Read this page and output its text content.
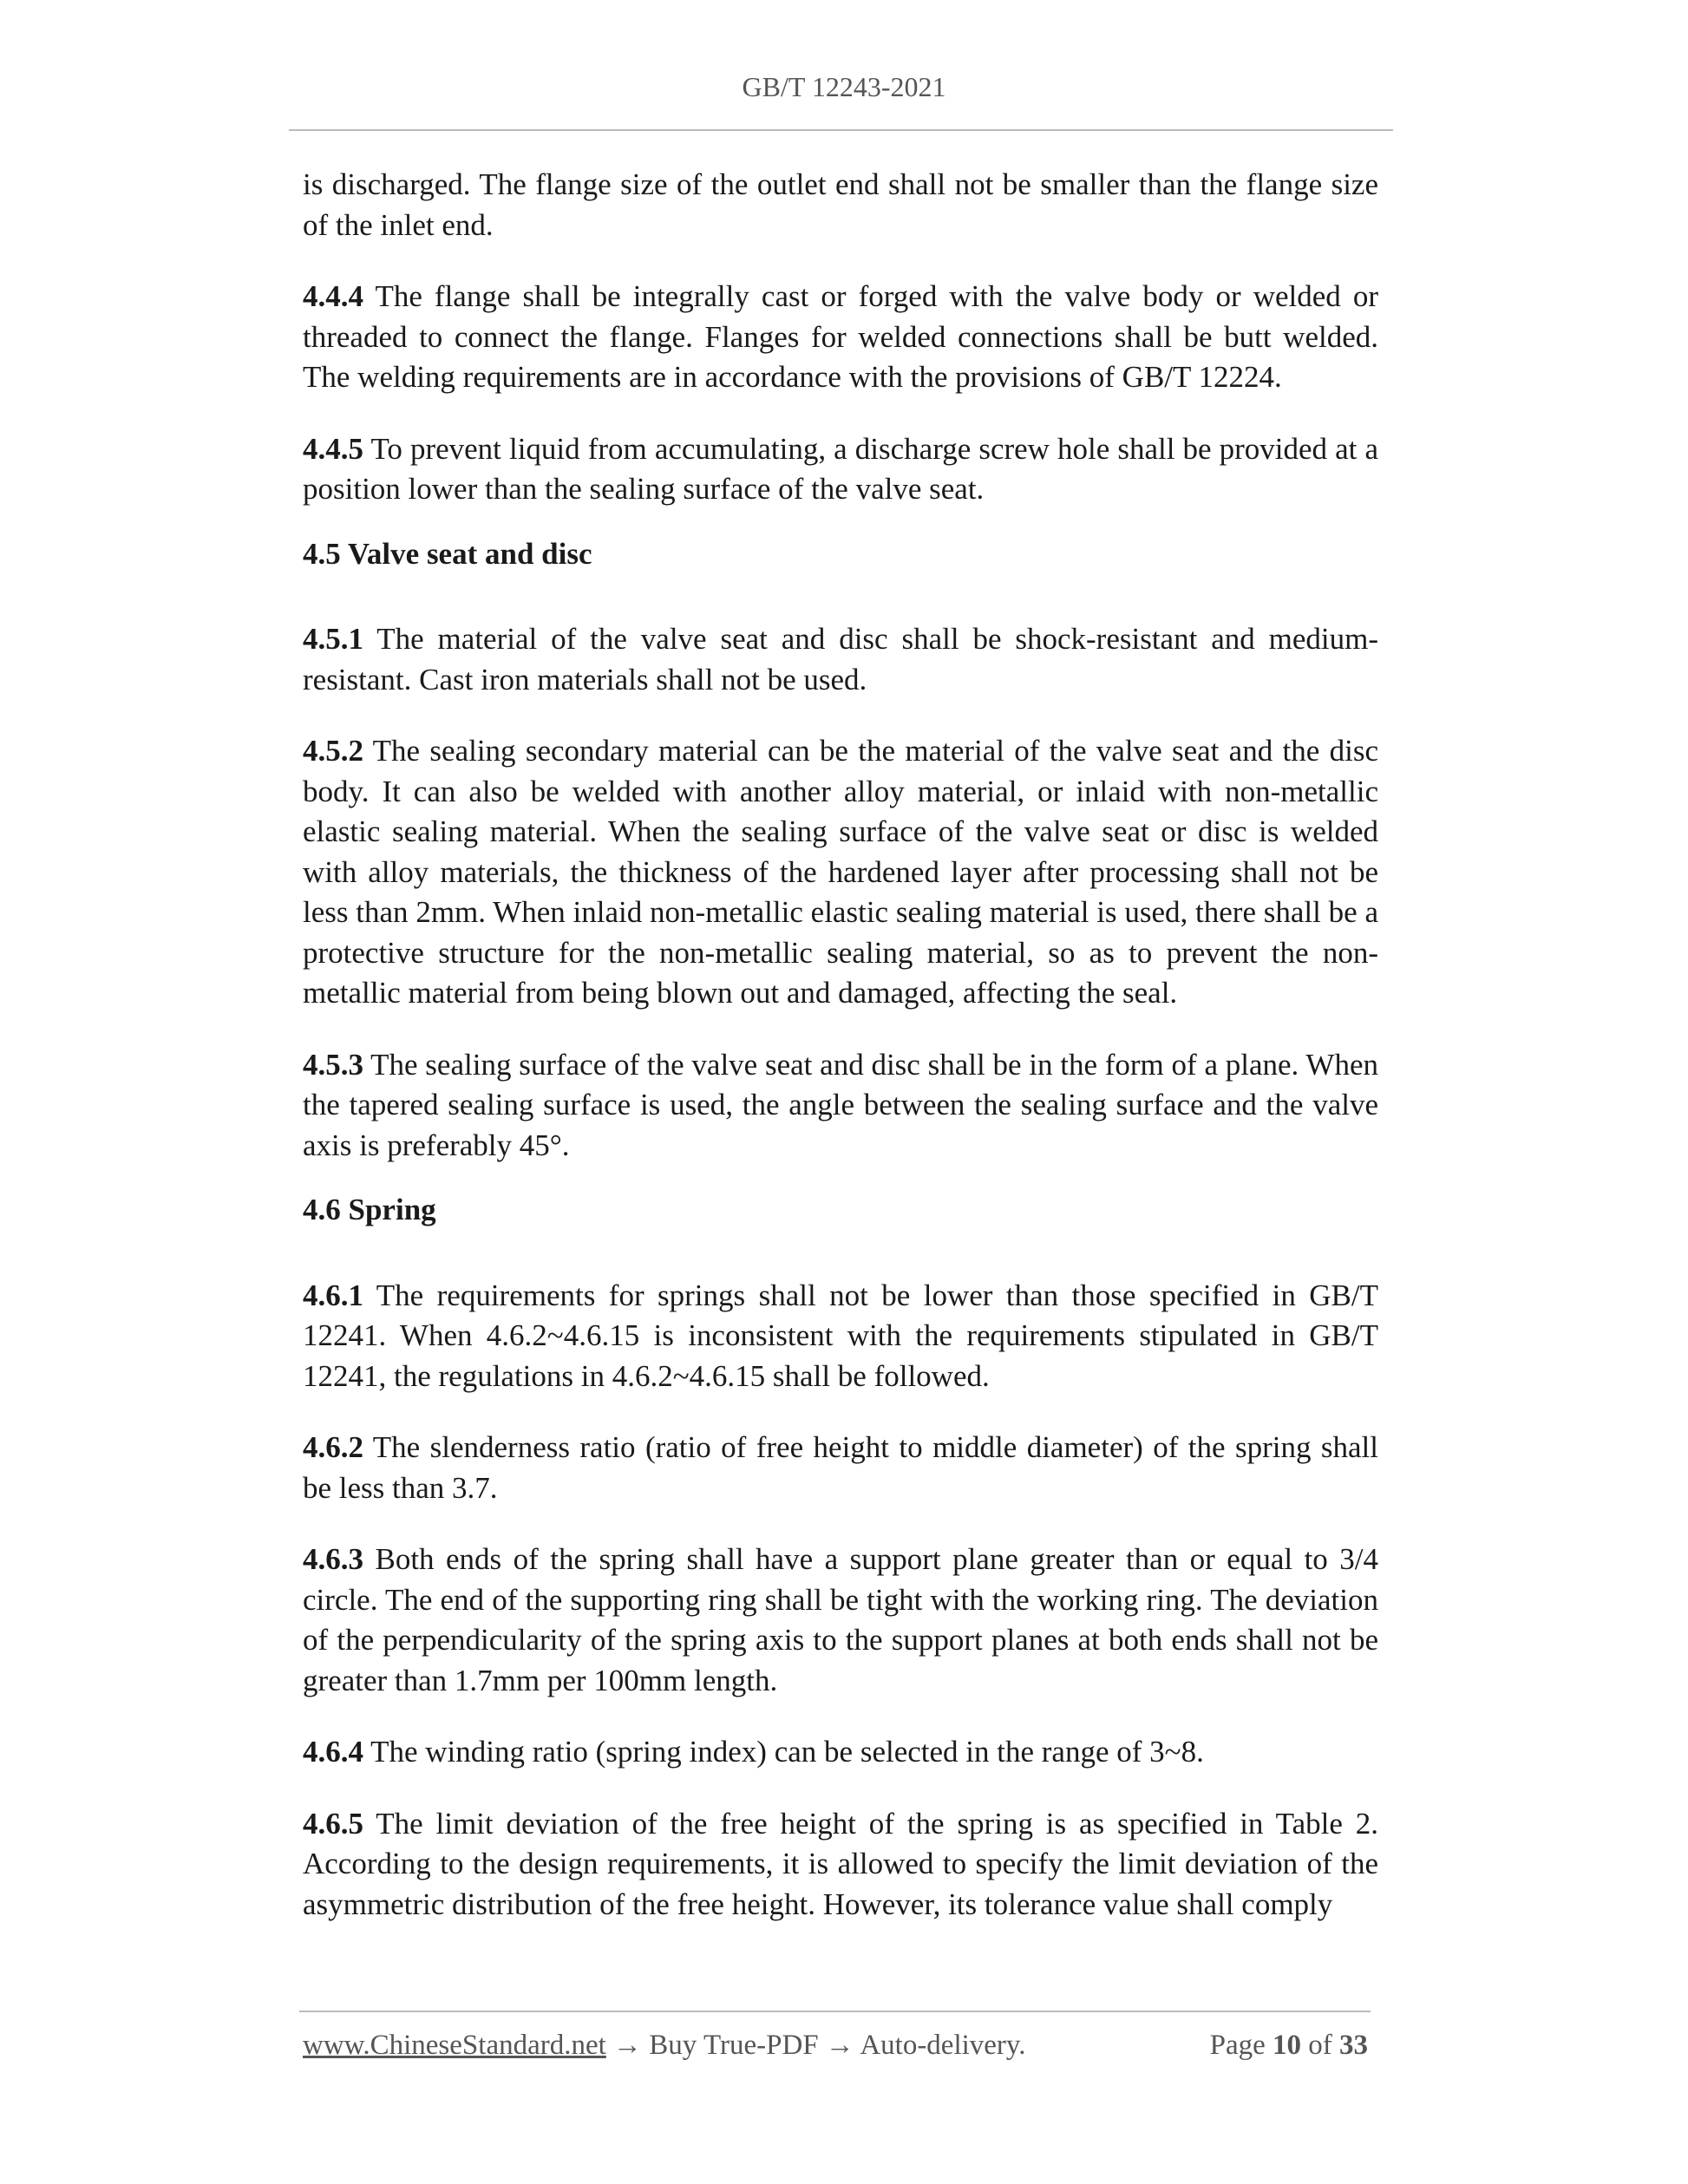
GB/T 12243-2021

is discharged. The flange size of the outlet end shall not be smaller than the flange size of the inlet end.

4.4.4 The flange shall be integrally cast or forged with the valve body or welded or threaded to connect the flange. Flanges for welded connections shall be butt welded. The welding requirements are in accordance with the provisions of GB/T 12224.

4.4.5 To prevent liquid from accumulating, a discharge screw hole shall be provided at a position lower than the sealing surface of the valve seat.

4.5 Valve seat and disc

4.5.1 The material of the valve seat and disc shall be shock-resistant and medium-resistant. Cast iron materials shall not be used.

4.5.2 The sealing secondary material can be the material of the valve seat and the disc body. It can also be welded with another alloy material, or inlaid with non-metallic elastic sealing material. When the sealing surface of the valve seat or disc is welded with alloy materials, the thickness of the hardened layer after processing shall not be less than 2mm. When inlaid non-metallic elastic sealing material is used, there shall be a protective structure for the non-metallic sealing material, so as to prevent the non-metallic material from being blown out and damaged, affecting the seal.

4.5.3 The sealing surface of the valve seat and disc shall be in the form of a plane. When the tapered sealing surface is used, the angle between the sealing surface and the valve axis is preferably 45°.

4.6 Spring

4.6.1 The requirements for springs shall not be lower than those specified in GB/T 12241. When 4.6.2~4.6.15 is inconsistent with the requirements stipulated in GB/T 12241, the regulations in 4.6.2~4.6.15 shall be followed.

4.6.2 The slenderness ratio (ratio of free height to middle diameter) of the spring shall be less than 3.7.

4.6.3 Both ends of the spring shall have a support plane greater than or equal to 3/4 circle. The end of the supporting ring shall be tight with the working ring. The deviation of the perpendicularity of the spring axis to the support planes at both ends shall not be greater than 1.7mm per 100mm length.

4.6.4 The winding ratio (spring index) can be selected in the range of 3~8.

4.6.5 The limit deviation of the free height of the spring is as specified in Table 2. According to the design requirements, it is allowed to specify the limit deviation of the asymmetric distribution of the free height. However, its tolerance value shall comply

www.ChineseStandard.net → Buy True-PDF → Auto-delivery.	Page 10 of 33
